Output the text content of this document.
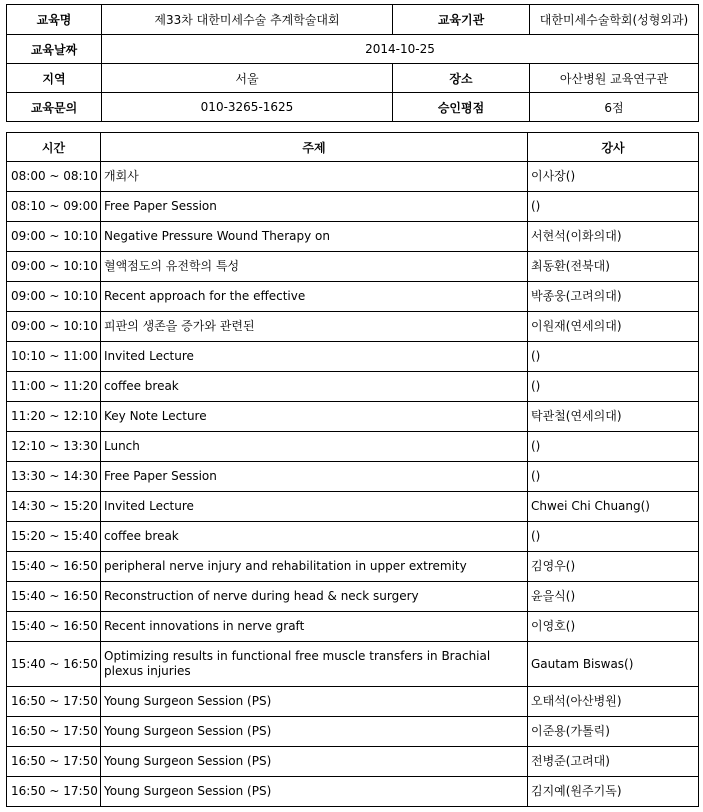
교육명	제33차 대한미세수술 추계학술대회	교육기관	대한미세수술학회(성형외과)
교육날짜	2014-10-25		
지역	서울	장소	아산병원 교육연구관
교육문의	010-3265-1625	승인평점	6점
시간	주제	강사
08:00 ~ 08:10	개회사	이사장()
08:10 ~ 09:00	Free Paper Session	()
09:00 ~ 10:10	Negative Pressure Wound Therapy on	서현석(이화의대)
09:00 ~ 10:10	혈액점도의 유전학의 특성	최동환(전북대)
09:00 ~ 10:10	Recent approach for the effective	박종웅(고려의대)
09:00 ~ 10:10	피판의 생존을 증가와 관련된	이원재(연세의대)
10:10 ~ 11:00	Invited Lecture	()
11:00 ~ 11:20	coffee break	()
11:20 ~ 12:10	Key Note Lecture	탁관철(연세의대)
12:10 ~ 13:30	Lunch	()
13:30 ~ 14:30	Free Paper Session	()
14:30 ~ 15:20	Invited Lecture	Chwei Chi Chuang()
15:20 ~ 15:40	coffee break	()
15:40 ~ 16:50	peripheral nerve injury and rehabilitation in upper extremity	김영우()
15:40 ~ 16:50	Reconstruction of nerve during head & neck surgery	윤을식()
15:40 ~ 16:50	Recent innovations in nerve graft	이영호()
15:40 ~ 16:50	Optimizing results in functional free muscle transfers in Brachial plexus injuries	Gautam Biswas()
16:50 ~ 17:50	Young Surgeon Session (PS)	오태석(아산병원)
16:50 ~ 17:50	Young Surgeon Session (PS)	이준용(가톨릭)
16:50 ~ 17:50	Young Surgeon Session (PS)	전병준(고려대)
16:50 ~ 17:50	Young Surgeon Session (PS)	김지예(원주기독)
